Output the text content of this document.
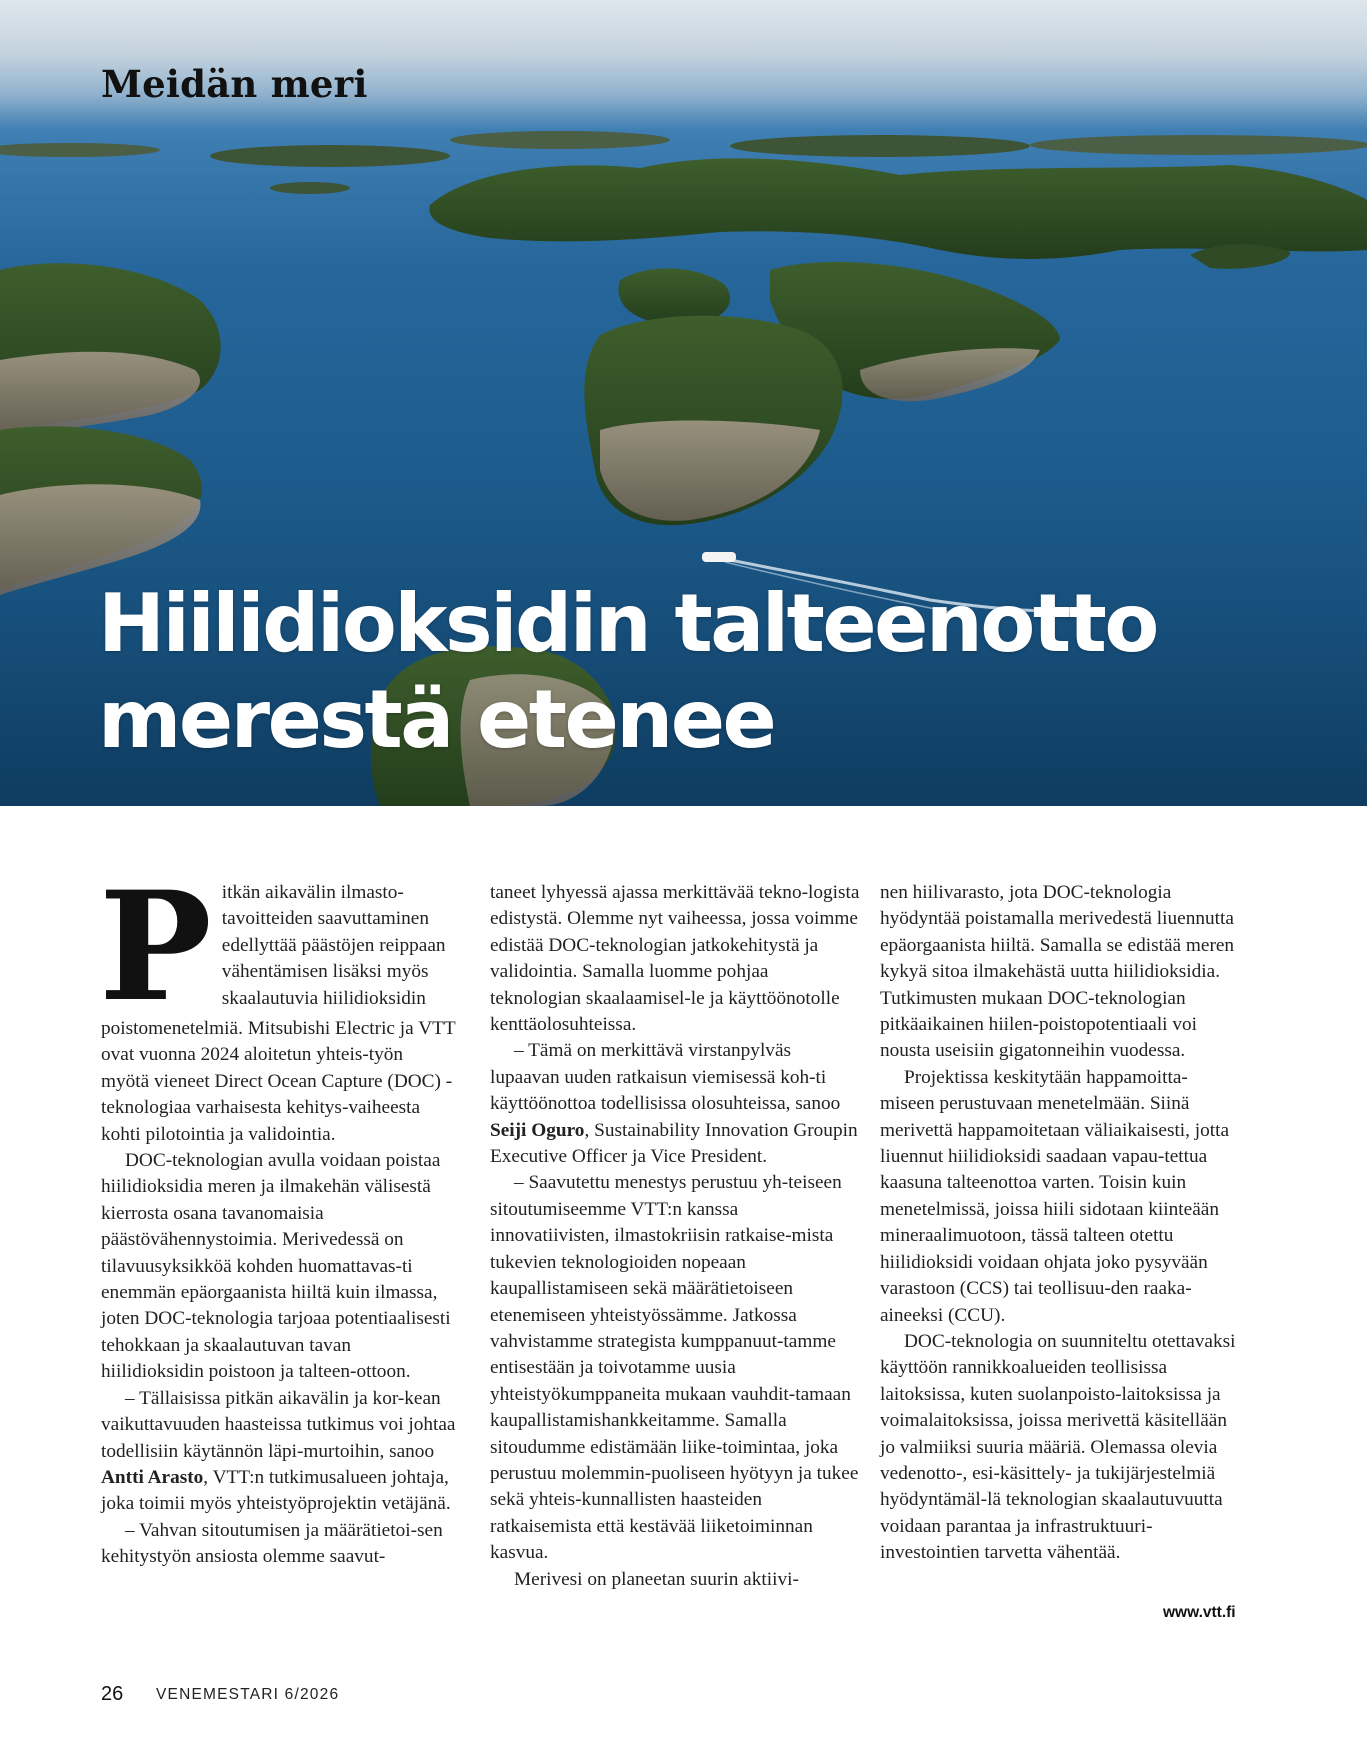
Meidän meri
Hiilidioksidin talteenotto
merestä etenee
P itkän aikavälin ilmasto-
tavoitteiden saavuttaminen
edellyttää päästöjen reippaan
vähentämisen lisäksi myös
skaalautuvia hiilidioksidin

poistomenetelmiä. Mitsubishi Electric ja VTT ovat vuonna 2024 aloitetun yhteis-työn myötä vieneet Direct Ocean Capture (DOC) -teknologiaa varhaisesta kehitys-vaiheesta kohti pilotointia ja validointia.

DOC-teknologian avulla voidaan poistaa hiilidioksidia meren ja ilmakehän välisestä kierrosta osana tavanomaisia päästövähennystoimia. Merivedessä on tilavuusyksikköä kohden huomattavas-ti enemmän epäorgaanista hiiltä kuin ilmassa, joten DOC-teknologia tarjoaa potentiaalisesti tehokkaan ja skaalautuvan tavan hiilidioksidin poistoon ja talteen-ottoon.

– Tällaisissa pitkän aikavälin ja kor-kean vaikuttavuuden haasteissa tutkimus voi johtaa todellisiin käytännön läpi-murtoihin, sanoo Antti Arasto, VTT:n tutkimusalueen johtaja, joka toimii myös yhteistyöprojektin vetäjänä.

– Vahvan sitoutumisen ja määrätietoi-sen kehitystyön ansiosta olemme saavut-

taneet lyhyessä ajassa merkittävää tekno-logista edistystä. Olemme nyt vaiheessa, jossa voimme edistää DOC-teknologian jatkokehitystä ja validointia. Samalla luomme pohjaa teknologian skaalaamisel-le ja käyttöönotolle kenttäolosuhteissa.

– Tämä on merkittävä virstanpylväs lupaavan uuden ratkaisun viemisessä koh-ti käyttöönottoa todellisissa olosuhteissa, sanoo Seiji Oguro, Sustainability Innovation Groupin Executive Officer ja Vice President.

– Saavutettu menestys perustuu yh-teiseen sitoutumiseemme VTT:n kanssa innovatiivisten, ilmastokriisin ratkaise-mista tukevien teknologioiden nopeaan kaupallistamiseen sekä määrätietoiseen etenemiseen yhteistyössämme. Jatkossa vahvistamme strategista kumppanuut-tamme entisestään ja toivotamme uusia yhteistyökumppaneita mukaan vauhdit-tamaan kaupallistamishankkeitamme. Samalla sitoudumme edistämään liike-toimintaa, joka perustuu molemmin-puoliseen hyötyyn ja tukee sekä yhteis-kunnallisten haasteiden ratkaisemista että kestävää liiketoiminnan kasvua.

Merivesi on planeetan suurin aktiivi-

nen hiilivarasto, jota DOC-teknologia hyödyntää poistamalla merivedestä liuennutta epäorgaanista hiiltä. Samalla se edistää meren kykyä sitoa ilmakehästä uutta hiilidioksidia. Tutkimusten mukaan DOC-teknologian pitkäaikainen hiilen-poistopotentiaali voi nousta useisiin gigatonneihin vuodessa.

Projektissa keskitytään happamoitta-miseen perustuvaan menetelmään. Siinä merivettä happamoitetaan väliaikaisesti, jotta liuennut hiilidioksidi saadaan vapau-tettua kaasuna talteenottoa varten. Toisin kuin menetelmissä, joissa hiili sidotaan kiinteään mineraalimuotoon, tässä talteen otettu hiilidioksidi voidaan ohjata joko pysyvään varastoon (CCS) tai teollisuu-den raaka-aineeksi (CCU).

DOC-teknologia on suunniteltu otettavaksi käyttöön rannikkoalueiden teollisissa laitoksissa, kuten suolanpoisto-laitoksissa ja voimalaitoksissa, joissa merivettä käsitellään jo valmiiksi suuria määriä. Olemassa olevia vedenotto-, esi-käsittely- ja tukijärjestelmiä hyödyntämäl-lä teknologian skaalautuvuutta voidaan parantaa ja infrastruktuuri-investointien tarvetta vähentää.

www.vtt.fi
26 VENEMESTARI 6/2026
